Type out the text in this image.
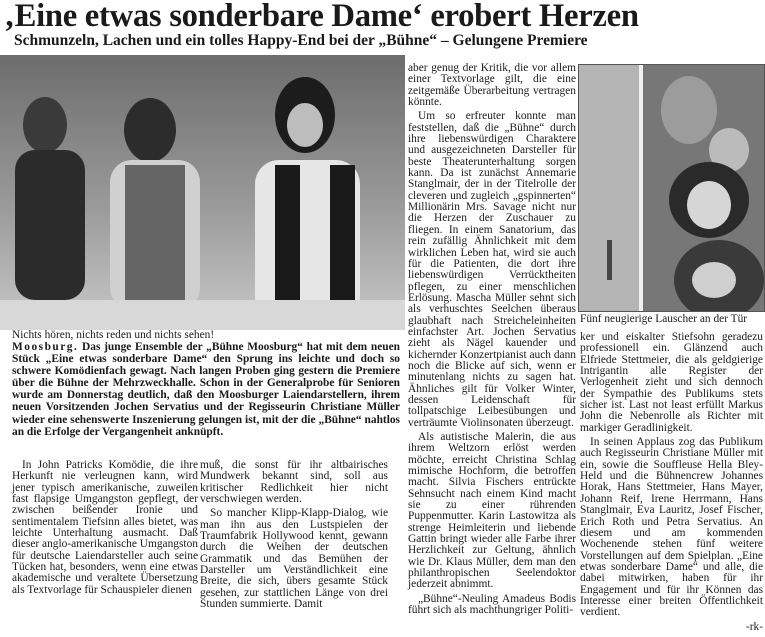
‚Eine etwas sonderbare Dame‘ erobert Herzen
Schmunzeln, Lachen und ein tolles Happy-End bei der „Bühne“ – Gelungene Premiere
Nichts hören, nichts reden und nichts sehen!
Fünf neugierige Lauscher an der Tür
Moosburg. Das junge Ensemble der „Bühne Moosburg“ hat mit dem neuen Stück „Eine etwas sonderbare Dame“ den Sprung ins leichte und doch so schwere Komödienfach gewagt. Nach langen Proben ging gestern die Premiere über die Bühne der Mehrzweckhalle. Schon in der Generalprobe für Senioren wurde am Donnerstag deutlich, daß den Moosburger Laiendarstellern, ihrem neuen Vorsitzenden Jochen Servatius und der Regisseurin Christiane Müller wieder eine sehenswerte Inszenierung gelungen ist, mit der die „Bühne“ nahtlos an die Erfolge der Vergangenheit anknüpft.

In John Patricks Komödie, die ihre Herkunft nie verleugnen kann, wird jener typisch amerikanische, zuweilen fast flapsige Umgangston gepflegt, der zwischen beißender Ironie und sentimentalem Tiefsinn alles bietet, was leichte Unterhaltung ausmacht. Daß dieser anglo-amerikanische Umgangston für deutsche Laiendarsteller auch seine Tücken hat, besonders, wenn eine etwas akademische und veraltete Übersetzung als Textvorlage für Schauspieler dienen

muß, die sonst für ihr altbairisches Mundwerk bekannt sind, soll aus kritischer Redlichkeit hier nicht verschwiegen werden.

So mancher Klipp-Klapp-Dialog, wie man ihn aus den Lustspielen der Traumfabrik Hollywood kennt, gewann durch die Weihen der deutschen Grammatik und das Bemühen der Darsteller um Verständlichkeit eine Breite, die sich, übers gesamte Stück gesehen, zur stattlichen Länge von drei Stunden summierte. Damit

aber genug der Kritik, die vor allem einer Textvorlage gilt, die eine zeitgemäße Überarbeitung vertragen könnte.

Um so erfreuter konnte man feststellen, daß die „Bühne“ durch ihre liebenswürdigen Charaktere und ausgezeichneten Darsteller für beste Theaterunterhaltung sorgen kann. Da ist zunächst Annemarie Stanglmair, der in der Titelrolle der cleveren und zugleich „gspinnerten“ Millionärin Mrs. Savage nicht nur die Herzen der Zuschauer zu fliegen. In einem Sanatorium, das rein zufällig Ähnlichkeit mit dem wirklichen Leben hat, wird sie auch für die Patienten, die dort ihre liebenswürdigen Verrücktheiten pflegen, zu einer menschlichen Erlösung. Mascha Müller sehnt sich als verhuschtes Seelchen überaus glaubhaft nach Streicheleinheiten einfachster Art. Jochen Servatius zieht als Nägel kauender und kichernder Konzertpianist auch dann noch die Blicke auf sich, wenn er minutenlang nichts zu sagen hat. Ähnliches gilt für Volker Winter, dessen Leidenschaft für tollpatschige Leibesübungen und verträumte Violinsonaten überzeugt.

Als autistische Malerin, die aus ihrem Weltzorn erlöst werden möchte, erreicht Christina Schlag mimische Hochform, die betroffen macht. Silvia Fischers entrückte Sehnsucht nach einem Kind macht sie zu einer rührenden Puppenmutter. Karin Lastowitza als strenge Heimleiterin und liebende Gattin bringt wieder alle Farbe ihrer Herzlichkeit zur Geltung, ähnlich wie Dr. Klaus Müller, dem man den philanthropischen Seelendoktor jederzeit abnimmt.

„Bühne“-Neuling Amadeus Bodis führt sich als machthungriger Politi-

ker und eiskalter Stiefsohn geradezu professionell ein. Glänzend auch Elfriede Stettmeier, die als geldgierige Intrigantin alle Register der Verlogenheit zieht und sich dennoch der Sympathie des Publikums stets sicher ist. Last not least erfüllt Markus John die Nebenrolle als Richter mit markiger Geradlinigkeit.

In seinen Applaus zog das Publikum auch Regisseurin Christiane Müller mit ein, sowie die Souffleuse Hella Bley-Held und die Bühnencrew Johannes Horak, Hans Stettmeier, Hans Mayer, Johann Reif, Irene Herrmann, Hans Stanglmair, Eva Lauritz, Josef Fischer, Erich Roth und Petra Servatius. An diesem und am kommenden Wochenende stehen fünf weitere Vorstellungen auf dem Spielplan. „Eine etwas sonderbare Dame“ und alle, die dabei mitwirken, haben für ihr Engagement und für ihr Können das Interesse einer breiten Öffentlichkeit verdient.

-rk-
